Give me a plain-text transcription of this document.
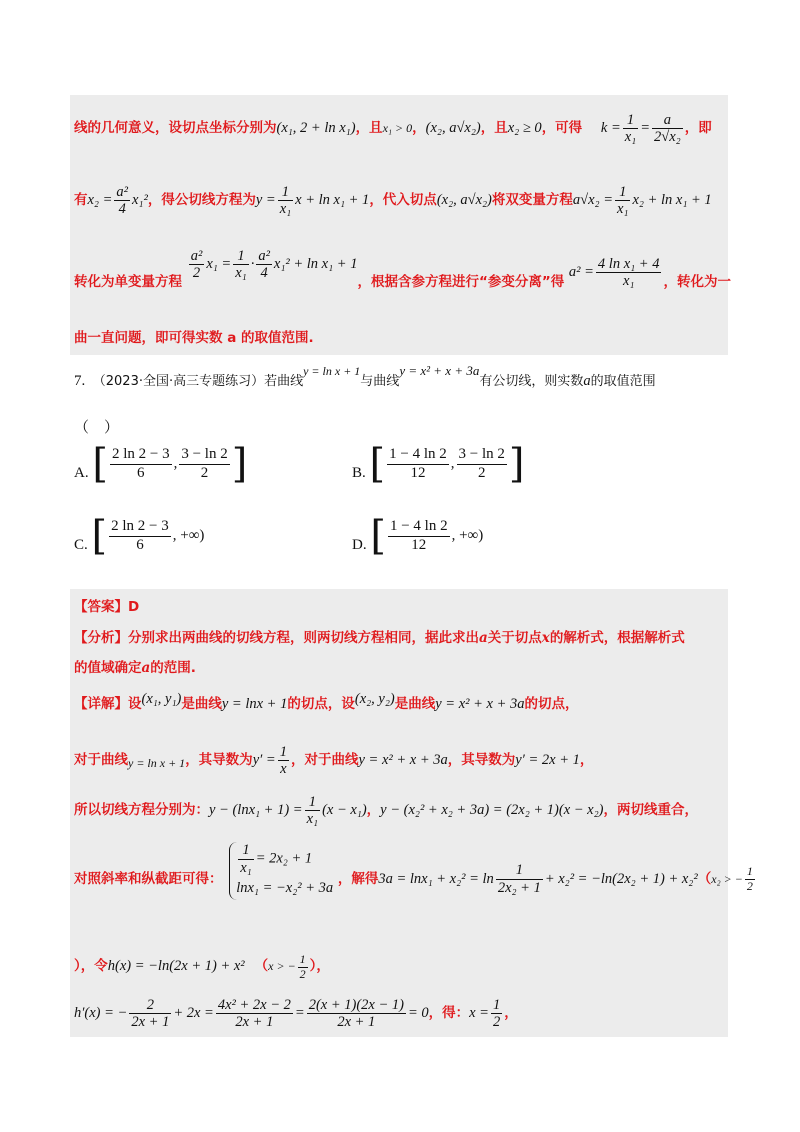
线的几何意义，设切点坐标分别为(x₁, 2 + ln x₁)，且x₁ > 0，(x₂, a√x₂)，且x₂ ≥ 0，可得 $k = \frac{1}{\text{x₁}} = \frac{a}{\text{2√x₂}}$ ，即
有$x_2 = \frac{\text{a²}}{4} x_1^2$，得公切线方程为$y = \frac{1}{\text{x₁}}$ x + ln x₁ + 1，代入切点(x₂, a√x₂)将双变量方程$a√x_2 = \frac{1}{\text{x₁}} x_2 + \ln x_1 + 1$
转化为单变量方程
$\frac{\text{a²}}{2} x_1 = \frac{1}{\text{x₁}} \cdot \frac{\text{a²}}{4} x_1^2 + \ln x_1 + 1$，根据含参方程进行“参变分离”得 $a^2 = \frac{\text{4 ln x₁ + 4}}{\text{x₁}}$ ，转化为一
曲一直问题，即可得实数 a 的取值范围.
7. （2023·全国·高三专题练习）若曲线$^{y = ln x + 1}$与曲线y = x² + x + 3a有公切线，则实数a的取值范围
（　）
A. [ $\frac{2 \ln 2 - 3}{6}$ , $\frac{3 - \ln 2}{2}$ ]	B. [ $\frac{1 - 4 \ln 2}{12}$ , $\frac{3 - \ln 2}{2}$ ]
C. [ $\frac{2 \ln 2 - 3}{6}$ , +∞)
D. [ $\frac{1 - 4 \ln 2}{12}$ , +∞)
【答案】D
【分析】分别求出两曲线的切线方程，则两切线方程相同，据此求出a关于切点x的解析式，根据解析式
的值域确定a的范围.
【详解】设(x₁, y₁)是曲线y = lnx + 1的切点，设(x₂, y₂)是曲线y = x² + x + 3a的切点，
对于曲线y = ln x + 1，其导数为$y' = \frac{1}{x}$ ，对于曲线y = x² + x + 3a，其导数为y′ = 2x + 1，
所以切线方程分别为：$y - (\ln x_1 + 1) = \frac{1}{\text{x₁}} (x - x_1)$，y − (x₂² + x₂ + 3a) = (2x₂ + 1)(x − x₂)，两切线重合，
对照斜率和纵截距可得：
$\frac{1}{\text{x₁}} = 2x_2 + 1$
lnx₁ = −x₂² + 3a
，解得$3a = \ln x_1 + x_2^2 = \ln \frac{1}{\text{2x₂ + 1}} + x_2^2 = -\ln(2x_2 + 1) + x_2^2(x_2$ > − $\frac{1}{2}$
），令h(x) = −ln(2x + 1) + x² （x > − $\frac{1}{2}$ ），
h′(x) = − $\frac{2}{2x + 1} + 2x = \frac{\text{4x² + 2x − 2}}{2x + 1} = \frac{2(x + 1)(2x - 1)}{2x + 1} = 0$，得：$x = \frac{1}{2}$ ，
